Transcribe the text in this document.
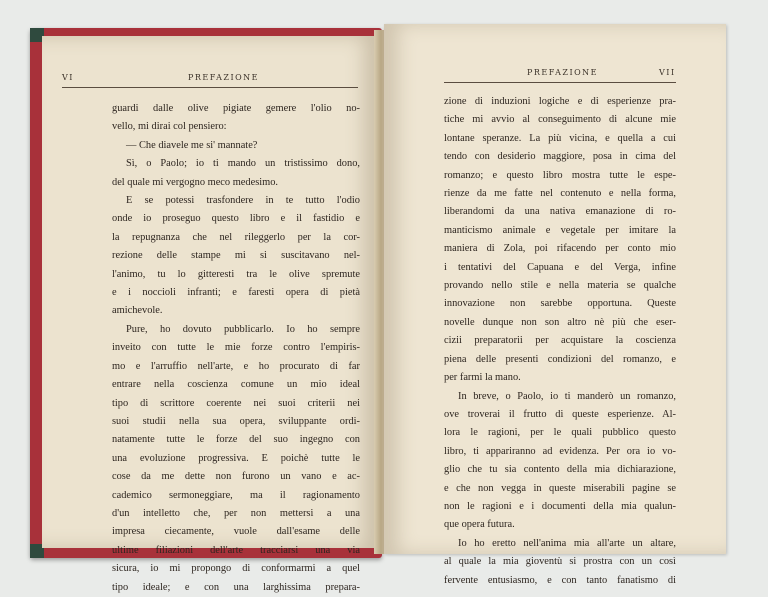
VI	PREFAZIONE
guardi dalle olive pigiate gemere l'olio no-
vello, mi dirai col pensiero:
— Che diavele me si' mannate?
Sì, o Paolo; io ti mando un tristissimo dono,
del quale mi vergogno meco medesimo.
E se potessi trasfondere in te tutto l'odio
onde io proseguo questo libro e il fastidio e
la repugnanza che nel rileggerlo per la cor-
rezione delle stampe mi si suscitavano nel-
l'animo, tu lo gitteresti tra le olive spremute
e i noccioli infranti; e faresti opera di pietà
amichevole.
Pure, ho dovuto pubblicarlo. Io ho sempre
inveito con tutte le mie forze contro l'empiris-
mo e l'arruffio nell'arte, e ho procurato di far
entrare nella coscienza comune un mio ideal
tipo di scrittore coerente nei suoi criterii nei
suoi studii nella sua opera, sviluppante ordi-
natamente tutte le forze del suo ingegno con
una evoluzione progressiva. E poichè tutte le
cose da me dette non furono un vano e ac-
cademico sermoneggiare, ma il ragionamento
d'un intelletto che, per non mettersi a una
impresa ciecamente, vuole dall'esame delle
ultime filiazioni dell'arte tracciarsi una via
sicura, io mi propongo di conformarmi a quel
tipo ideale; e con una larghissima prepara-
PREFAZIONE	VII
zione di induzioni logiche e di esperienze pra-
tiche mi avvio al conseguimento di alcune mie
lontane speranze. La più vicina, e quella a cui
tendo con desiderio maggiore, posa in cima del
romanzo; e questo libro mostra tutte le espe-
rienze da me fatte nel contenuto e nella forma,
liberandomi da una nativa emanazione di ro-
manticismo animale e vegetale per imitare la
maniera di Zola, poi rifacendo per conto mio
i tentativi del Capuana e del Verga, infine
provando nello stile e nella materia se qualche
innovazione non sarebbe opportuna. Queste
novelle dunque non son altro nè più che eser-
cizii preparatorii per acquistare la coscienza
piena delle presenti condizioni del romanzo, e
per farmi la mano.
In breve, o Paolo, io ti manderò un romanzo,
ove troverai il frutto di queste esperienze. Al-
lora le ragioni, per le quali pubblico questo
libro, ti appariranno ad evidenza. Per ora io vo-
glio che tu sia contento della mia dichiarazione,
e che non vegga in queste miserabili pagine se
non le ragioni e i documenti della mia qualun-
que opera futura.
Io ho eretto nell'anima mia all'arte un altare,
al quale la mia gioventù si prostra con un così
fervente entusiasmo, e con tanto fanatismo di
